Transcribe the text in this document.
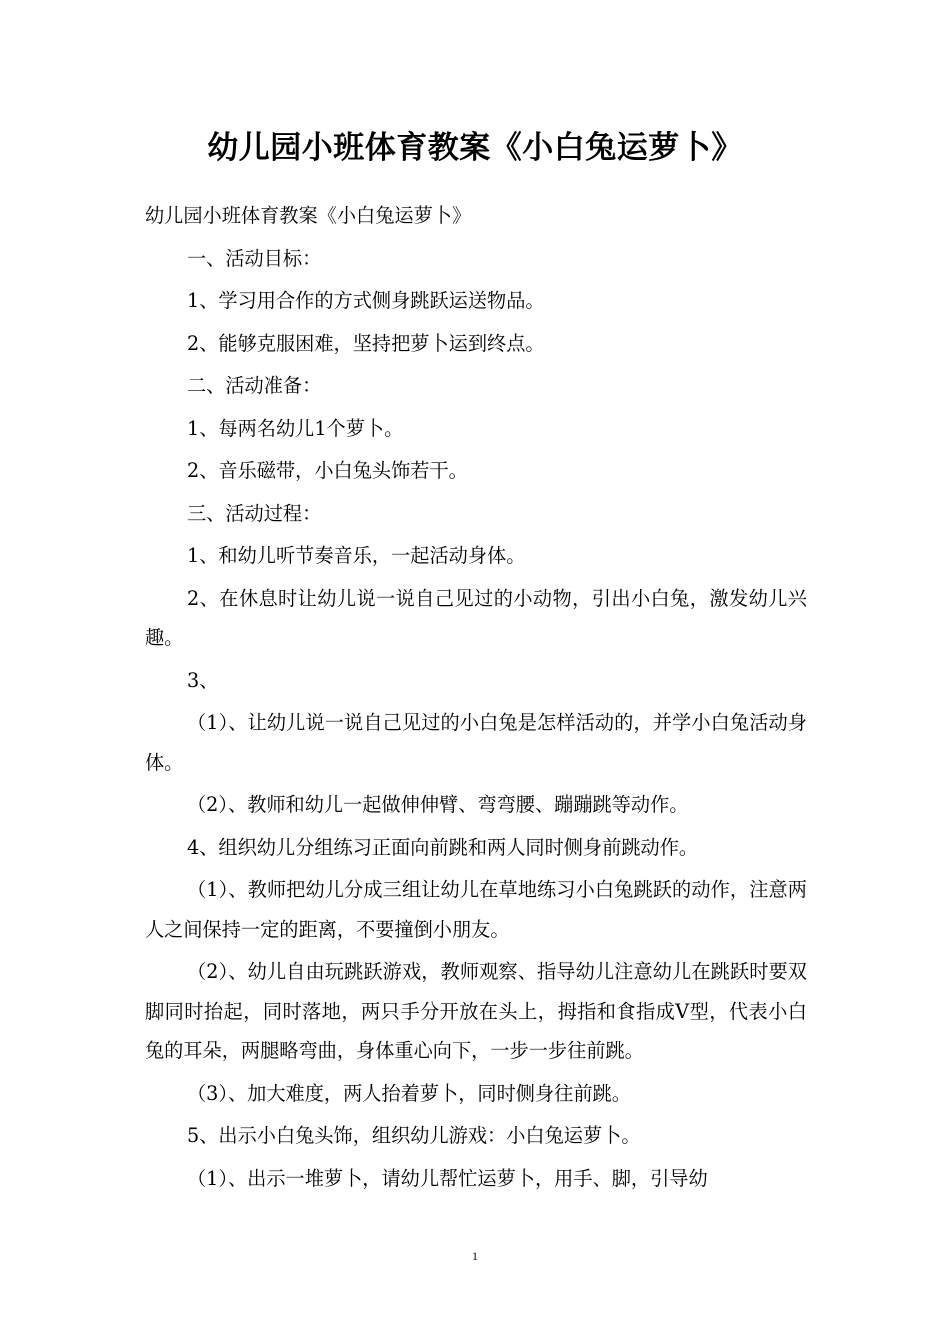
幼儿园小班体育教案《小白兔运萝卜》

幼儿园小班体育教案《小白兔运萝卜》

一、活动目标：

1、学习用合作的方式侧身跳跃运送物品。

2、能够克服困难，坚持把萝卜运到终点。

二、活动准备：

1、每两名幼儿1个萝卜。

2、音乐磁带，小白兔头饰若干。

三、活动过程：

1、和幼儿听节奏音乐，一起活动身体。

2、在休息时让幼儿说一说自己见过的小动物，引出小白兔，激发幼儿兴趣。

3、

（1）、让幼儿说一说自己见过的小白兔是怎样活动的，并学小白兔活动身体。

（2）、教师和幼儿一起做伸伸臂、弯弯腰、蹦蹦跳等动作。

4、组织幼儿分组练习正面向前跳和两人同时侧身前跳动作。

（1）、教师把幼儿分成三组让幼儿在草地练习小白兔跳跃的动作，注意两人之间保持一定的距离，不要撞倒小朋友。

（2）、幼儿自由玩跳跃游戏，教师观察、指导幼儿注意幼儿在跳跃时要双脚同时抬起，同时落地，两只手分开放在头上，拇指和食指成V型，代表小白兔的耳朵，两腿略弯曲，身体重心向下，一步一步往前跳。

（3）、加大难度，两人抬着萝卜，同时侧身往前跳。

5、出示小白兔头饰，组织幼儿游戏：小白兔运萝卜。

（1）、出示一堆萝卜，请幼儿帮忙运萝卜，用手、脚，引导幼

1
